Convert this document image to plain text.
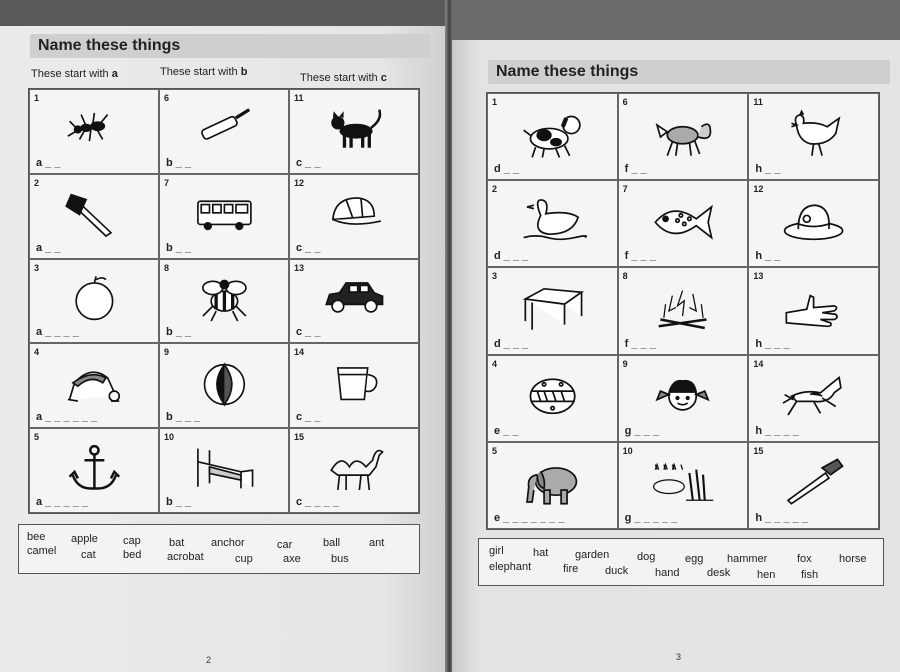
Name these things
These start with a	These start with b	These start with c
1
a _ _
6
b _ _
11
c _ _
2
a _ _
7
b _ _
12
c _ _
3
a _ _ _ _
8
b _ _
13
c _ _
4
a _ _ _ _ _ _
9
b _ _ _
14
c _ _
5
a _ _ _ _ _
10
b _ _
15
c _ _ _ _
bee apple cap	bat anchor	car	ball	ant
camel cat bed acrobat	cup	axe	bus
2
Name these things
1
d _ _
6
f _ _
11
h _ _
2
d _ _ _
7
f _ _ _
12
h _ _
3
d _ _ _
8
f _ _ _
13
h _ _ _
4
e _ _
9
g _ _ _
14
h _ _ _ _
5
e _ _ _ _ _ _ _
10
g _ _ _ _ _
15
h _ _ _ _ _
girl	hat garden	dog	egg hammer	fox horse
elephant	fire duck hand	desk hen fish
3
